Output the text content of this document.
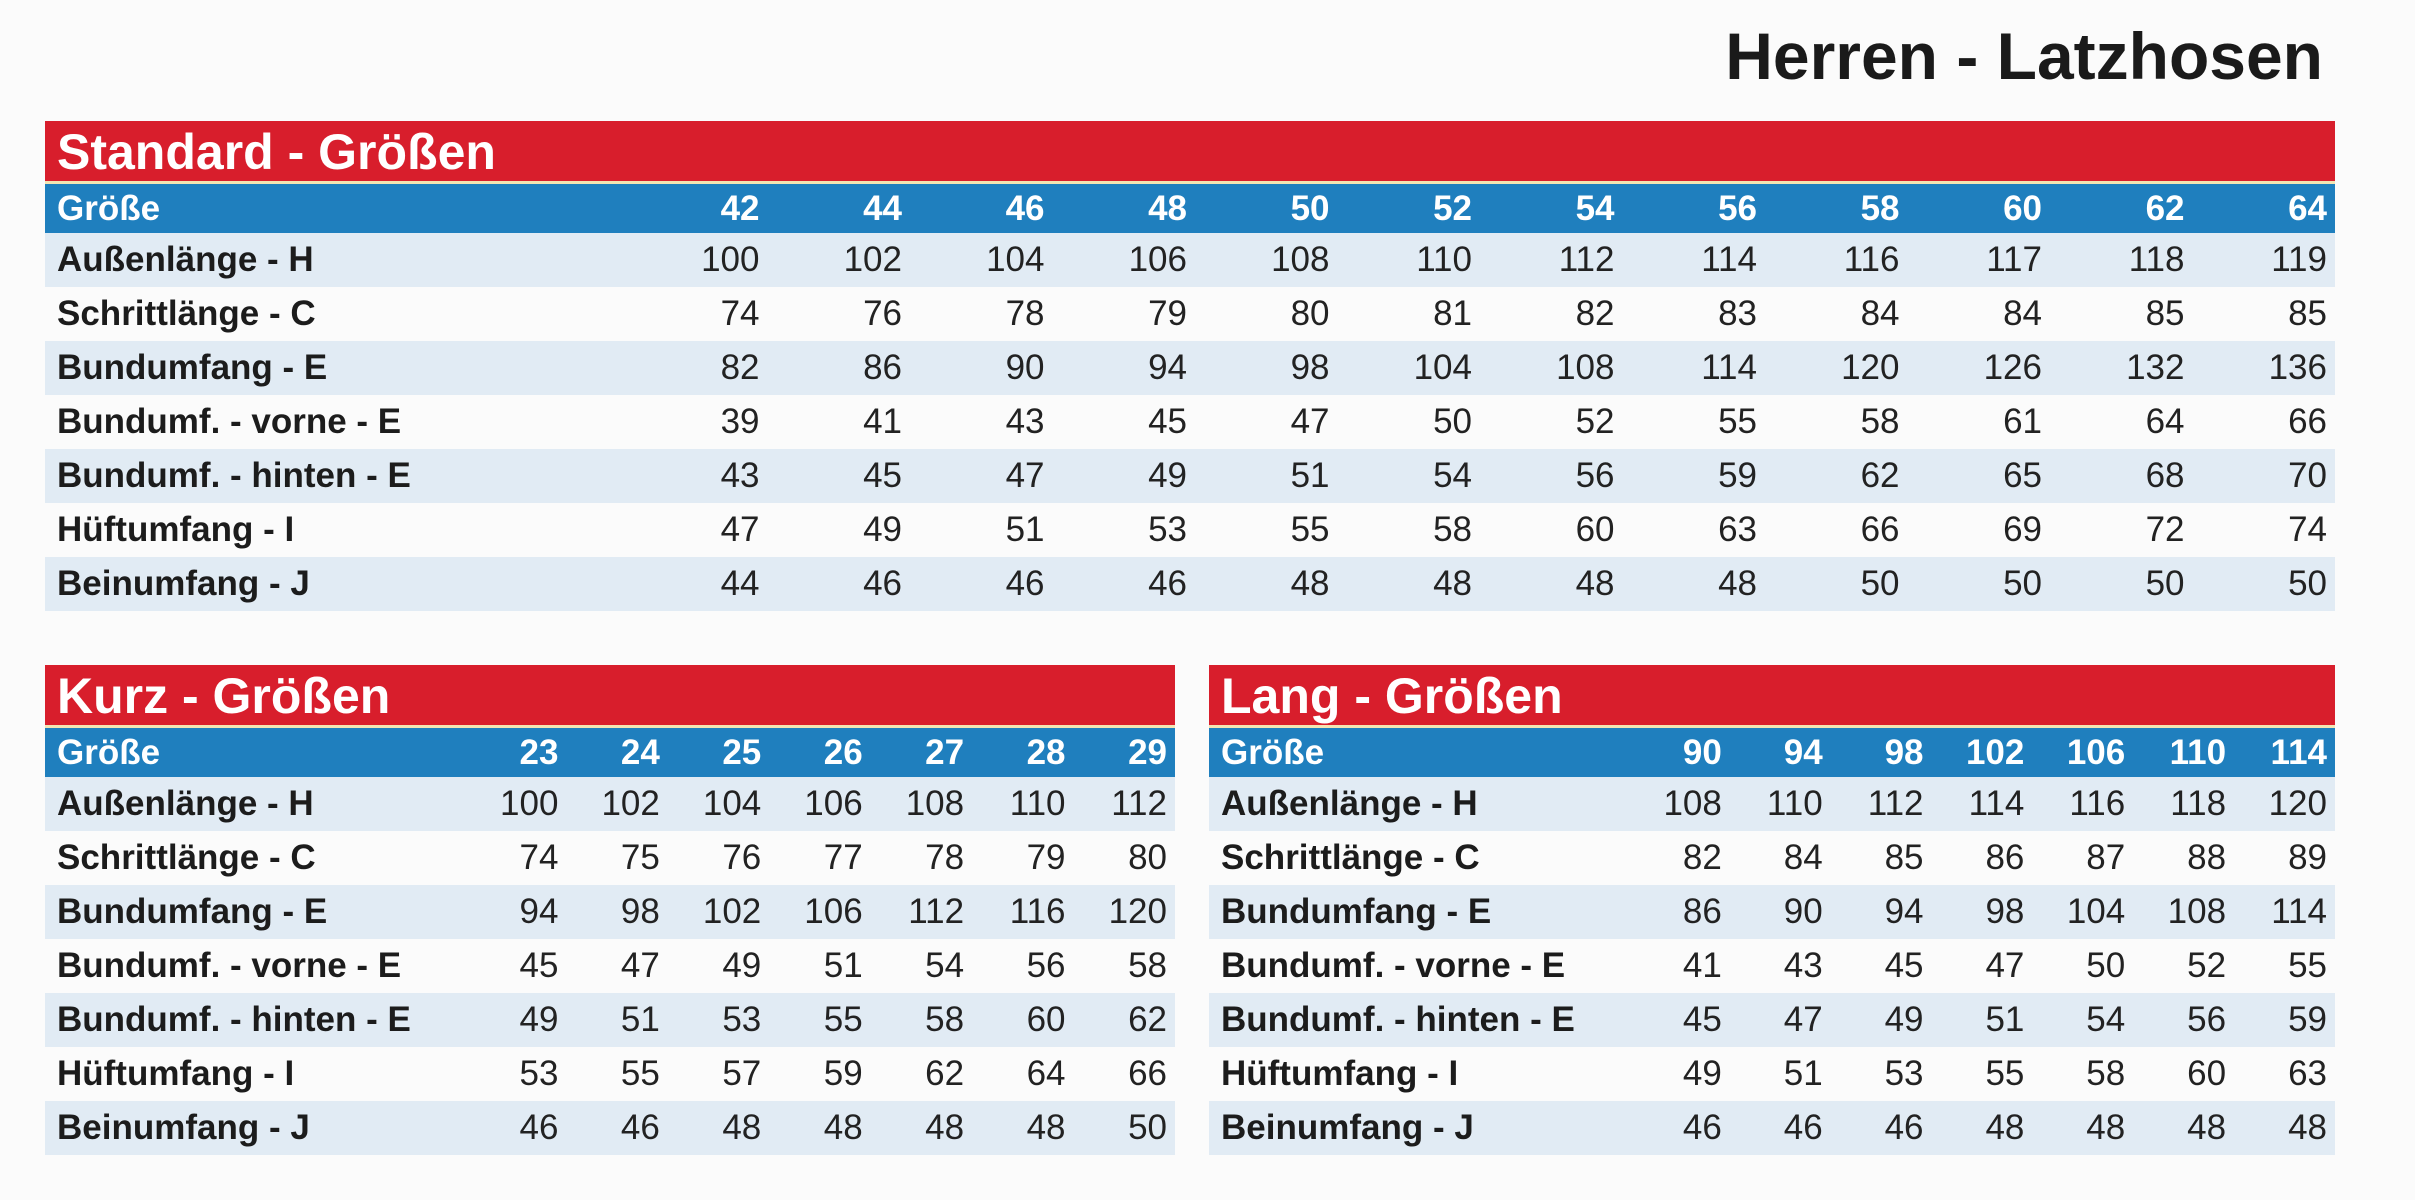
Herren - Latzhosen
Standard - Größen
Größe	42	44	46	48	50	52	54	56	58	60	62	64
Außenlänge - H	100	102	104	106	108	110	112	114	116	117	118	119
Schrittlänge - C	74	76	78	79	80	81	82	83	84	84	85	85
Bundumfang - E	82	86	90	94	98	104	108	114	120	126	132	136
Bundumf. - vorne - E	39	41	43	45	47	50	52	55	58	61	64	66
Bundumf. - hinten - E	43	45	47	49	51	54	56	59	62	65	68	70
Hüftumfang - I	47	49	51	53	55	58	60	63	66	69	72	74
Beinumfang - J	44	46	46	46	48	48	48	48	50	50	50	50
Kurz - Größen
Größe	23	24	25	26	27	28	29
Außenlänge - H	100	102	104	106	108	110	112
Schrittlänge - C	74	75	76	77	78	79	80
Bundumfang - E	94	98	102	106	112	116	120
Bundumf. - vorne - E	45	47	49	51	54	56	58
Bundumf. - hinten - E	49	51	53	55	58	60	62
Hüftumfang - I	53	55	57	59	62	64	66
Beinumfang - J	46	46	48	48	48	48	50
Lang - Größen
Größe	90	94	98	102	106	110	114
Außenlänge - H	108	110	112	114	116	118	120
Schrittlänge - C	82	84	85	86	87	88	89
Bundumfang - E	86	90	94	98	104	108	114
Bundumf. - vorne - E	41	43	45	47	50	52	55
Bundumf. - hinten - E	45	47	49	51	54	56	59
Hüftumfang - I	49	51	53	55	58	60	63
Beinumfang - J	46	46	46	48	48	48	48
